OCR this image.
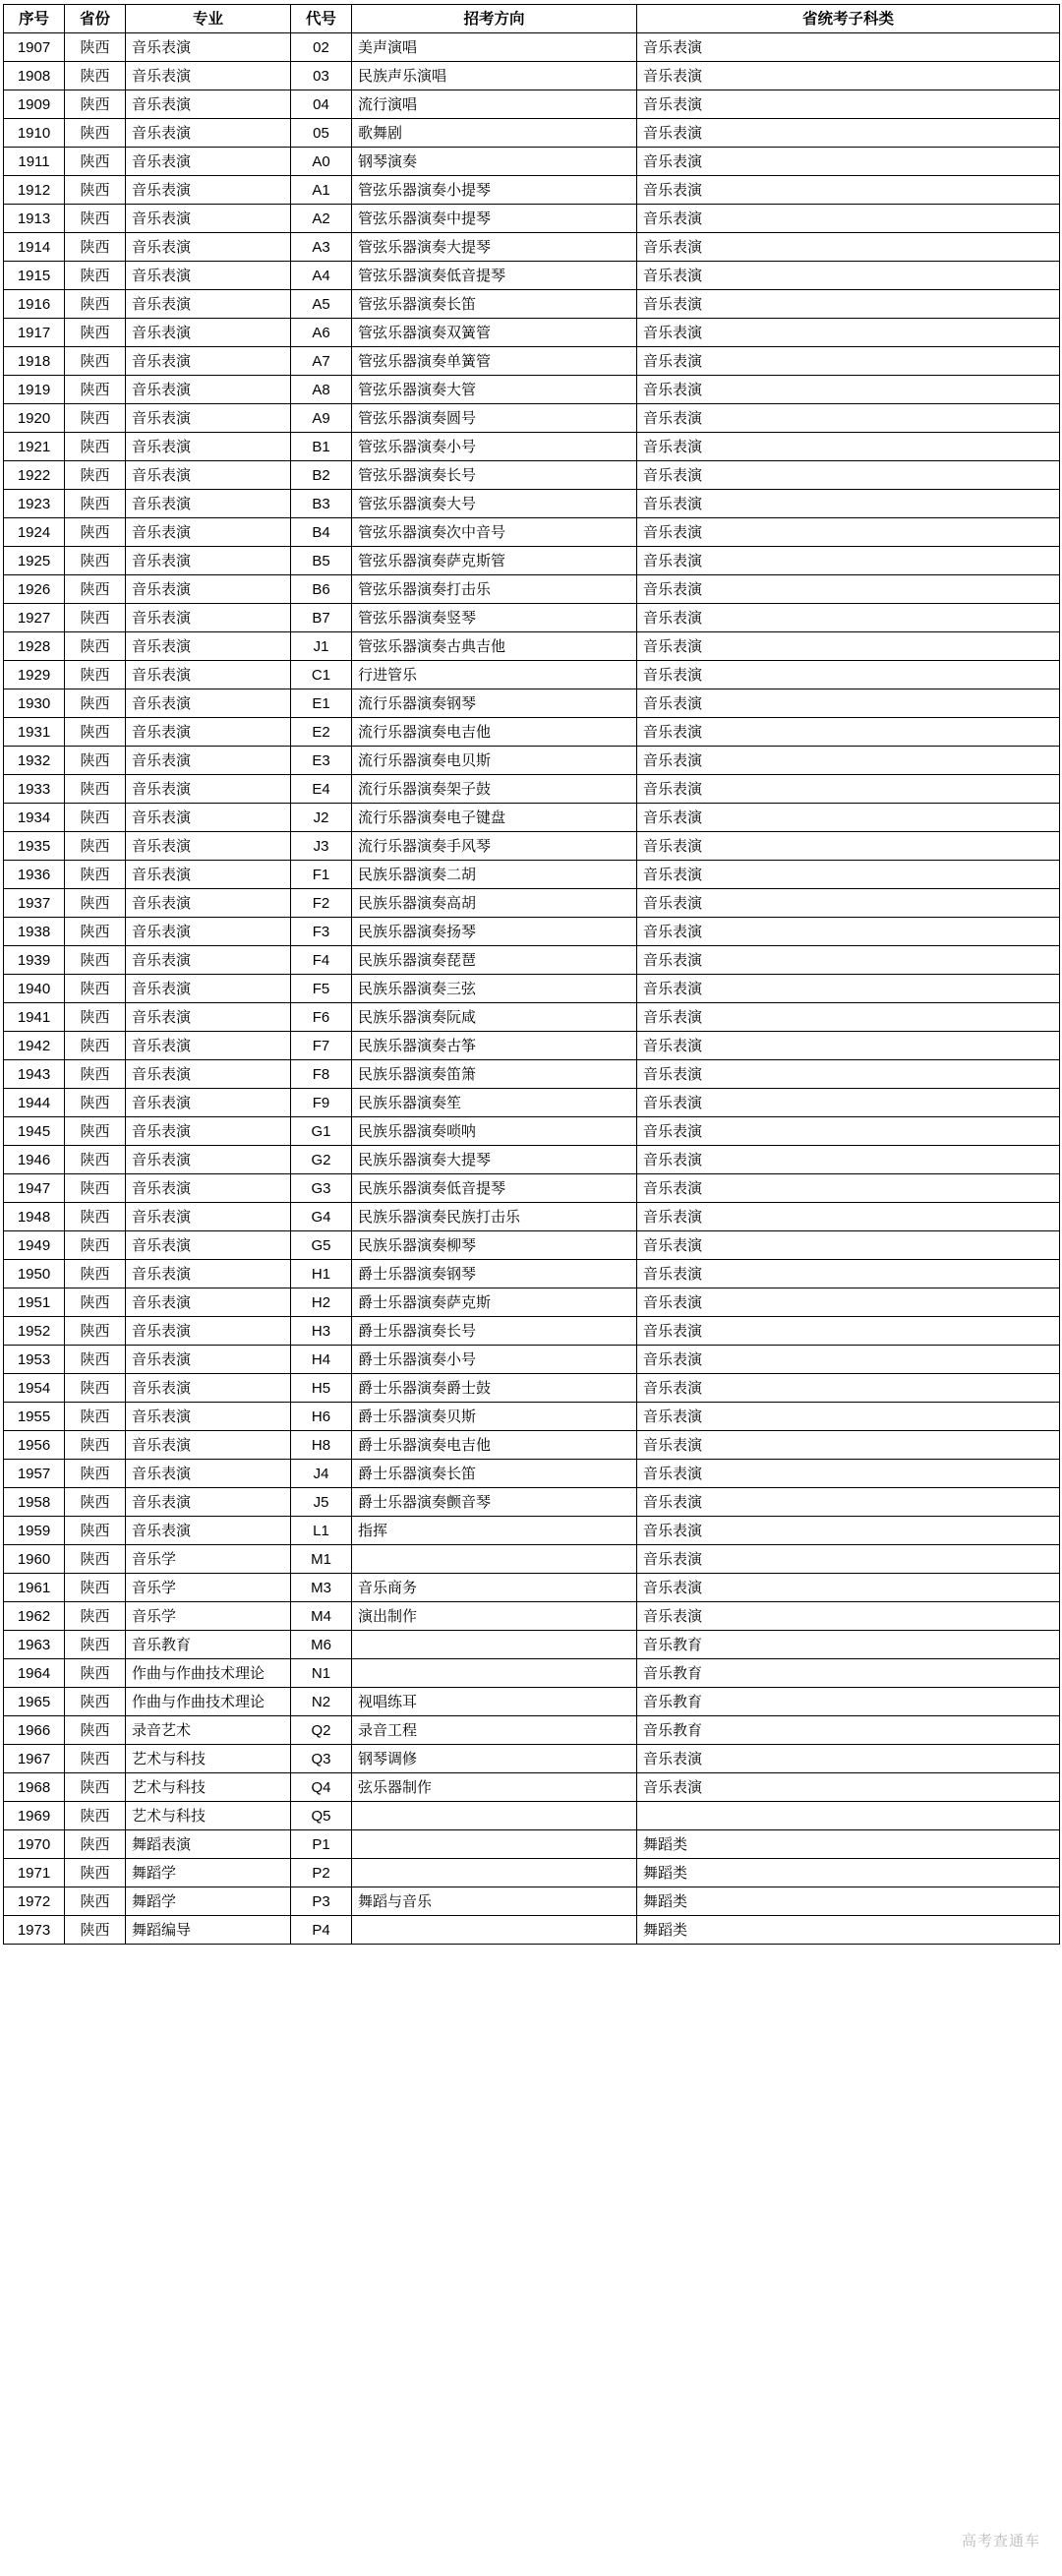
序号	省份	专业	代号	招考方向	省统考子科类
1907	陕西	音乐表演	02	美声演唱	音乐表演
1908	陕西	音乐表演	03	民族声乐演唱	音乐表演
1909	陕西	音乐表演	04	流行演唱	音乐表演
1910	陕西	音乐表演	05	歌舞剧	音乐表演
1911	陕西	音乐表演	A0	钢琴演奏	音乐表演
1912	陕西	音乐表演	A1	管弦乐器演奏小提琴	音乐表演
1913	陕西	音乐表演	A2	管弦乐器演奏中提琴	音乐表演
1914	陕西	音乐表演	A3	管弦乐器演奏大提琴	音乐表演
1915	陕西	音乐表演	A4	管弦乐器演奏低音提琴	音乐表演
1916	陕西	音乐表演	A5	管弦乐器演奏长笛	音乐表演
1917	陕西	音乐表演	A6	管弦乐器演奏双簧管	音乐表演
1918	陕西	音乐表演	A7	管弦乐器演奏单簧管	音乐表演
1919	陕西	音乐表演	A8	管弦乐器演奏大管	音乐表演
1920	陕西	音乐表演	A9	管弦乐器演奏圆号	音乐表演
1921	陕西	音乐表演	B1	管弦乐器演奏小号	音乐表演
1922	陕西	音乐表演	B2	管弦乐器演奏长号	音乐表演
1923	陕西	音乐表演	B3	管弦乐器演奏大号	音乐表演
1924	陕西	音乐表演	B4	管弦乐器演奏次中音号	音乐表演
1925	陕西	音乐表演	B5	管弦乐器演奏萨克斯管	音乐表演
1926	陕西	音乐表演	B6	管弦乐器演奏打击乐	音乐表演
1927	陕西	音乐表演	B7	管弦乐器演奏竖琴	音乐表演
1928	陕西	音乐表演	J1	管弦乐器演奏古典吉他	音乐表演
1929	陕西	音乐表演	C1	行进管乐	音乐表演
1930	陕西	音乐表演	E1	流行乐器演奏钢琴	音乐表演
1931	陕西	音乐表演	E2	流行乐器演奏电吉他	音乐表演
1932	陕西	音乐表演	E3	流行乐器演奏电贝斯	音乐表演
1933	陕西	音乐表演	E4	流行乐器演奏架子鼓	音乐表演
1934	陕西	音乐表演	J2	流行乐器演奏电子键盘	音乐表演
1935	陕西	音乐表演	J3	流行乐器演奏手风琴	音乐表演
1936	陕西	音乐表演	F1	民族乐器演奏二胡	音乐表演
1937	陕西	音乐表演	F2	民族乐器演奏高胡	音乐表演
1938	陕西	音乐表演	F3	民族乐器演奏扬琴	音乐表演
1939	陕西	音乐表演	F4	民族乐器演奏琵琶	音乐表演
1940	陕西	音乐表演	F5	民族乐器演奏三弦	音乐表演
1941	陕西	音乐表演	F6	民族乐器演奏阮咸	音乐表演
1942	陕西	音乐表演	F7	民族乐器演奏古筝	音乐表演
1943	陕西	音乐表演	F8	民族乐器演奏笛箫	音乐表演
1944	陕西	音乐表演	F9	民族乐器演奏笙	音乐表演
1945	陕西	音乐表演	G1	民族乐器演奏唢呐	音乐表演
1946	陕西	音乐表演	G2	民族乐器演奏大提琴	音乐表演
1947	陕西	音乐表演	G3	民族乐器演奏低音提琴	音乐表演
1948	陕西	音乐表演	G4	民族乐器演奏民族打击乐	音乐表演
1949	陕西	音乐表演	G5	民族乐器演奏柳琴	音乐表演
1950	陕西	音乐表演	H1	爵士乐器演奏钢琴	音乐表演
1951	陕西	音乐表演	H2	爵士乐器演奏萨克斯	音乐表演
1952	陕西	音乐表演	H3	爵士乐器演奏长号	音乐表演
1953	陕西	音乐表演	H4	爵士乐器演奏小号	音乐表演
1954	陕西	音乐表演	H5	爵士乐器演奏爵士鼓	音乐表演
1955	陕西	音乐表演	H6	爵士乐器演奏贝斯	音乐表演
1956	陕西	音乐表演	H8	爵士乐器演奏电吉他	音乐表演
1957	陕西	音乐表演	J4	爵士乐器演奏长笛	音乐表演
1958	陕西	音乐表演	J5	爵士乐器演奏颤音琴	音乐表演
1959	陕西	音乐表演	L1	指挥	音乐表演
1960	陕西	音乐学	M1		音乐表演
1961	陕西	音乐学	M3	音乐商务	音乐表演
1962	陕西	音乐学	M4	演出制作	音乐表演
1963	陕西	音乐教育	M6		音乐教育
1964	陕西	作曲与作曲技术理论	N1		音乐教育
1965	陕西	作曲与作曲技术理论	N2	视唱练耳	音乐教育
1966	陕西	录音艺术	Q2	录音工程	音乐教育
1967	陕西	艺术与科技	Q3	钢琴调修	音乐表演
1968	陕西	艺术与科技	Q4	弦乐器制作	音乐表演
1969	陕西	艺术与科技	Q5		
1970	陕西	舞蹈表演	P1		舞蹈类
1971	陕西	舞蹈学	P2		舞蹈类
1972	陕西	舞蹈学	P3	舞蹈与音乐	舞蹈类
1973	陕西	舞蹈编导	P4		舞蹈类
高考查通车
